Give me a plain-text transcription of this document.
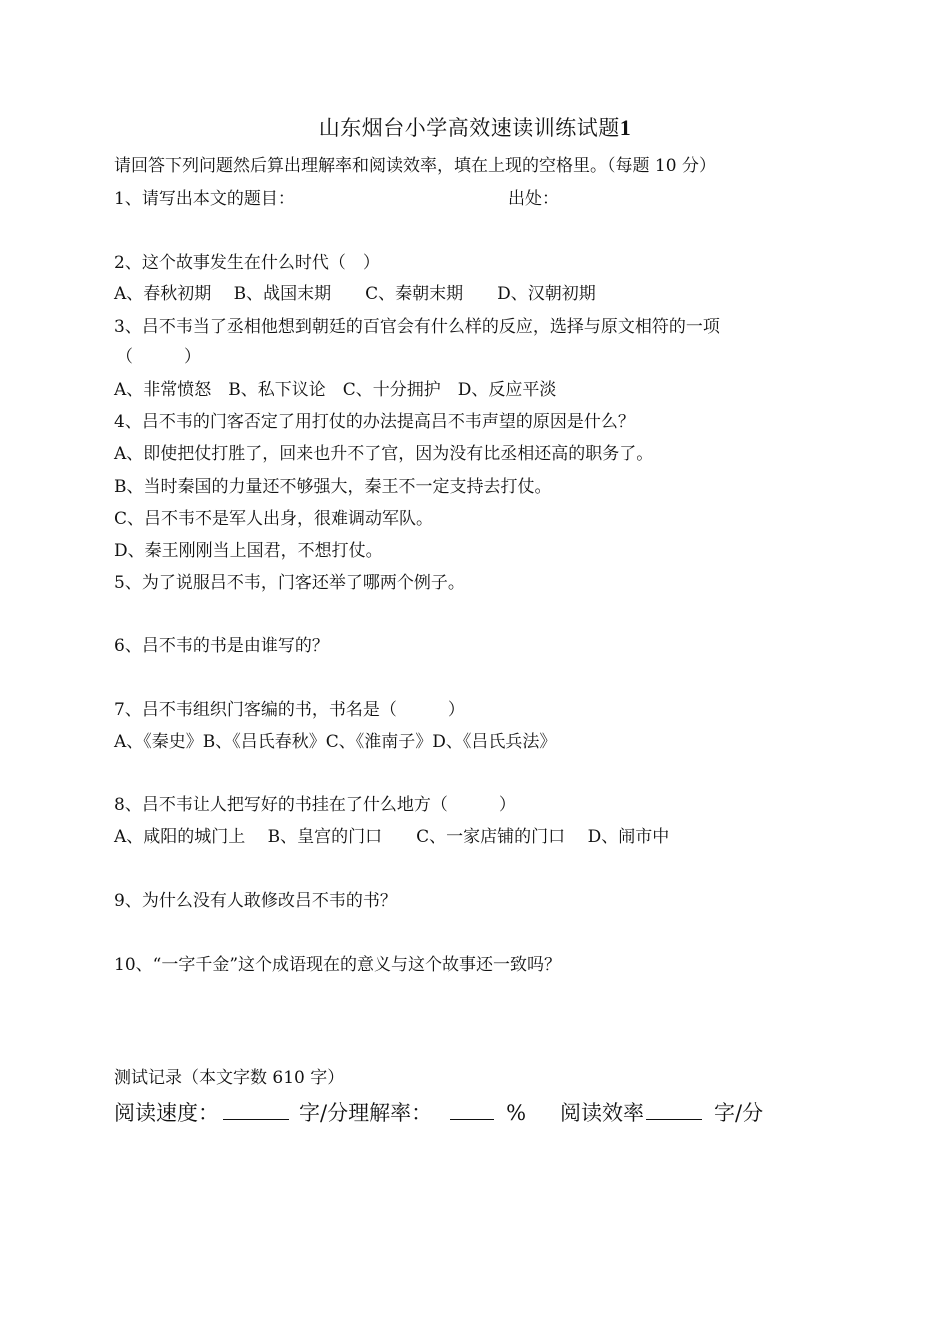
山东烟台小学高效速读训练试题1
请回答下列问题然后算出理解率和阅读效率，填在上现的空格里。（每题 10 分）
1、请写出本文的题目：	出处：
2、这个故事发生在什么时代（　）
A、春秋初期　 B、战国末期　　C、秦朝末期　　D、汉朝初期
3、吕不韦当了丞相他想到朝廷的百官会有什么样的反应，选择与原文相符的一项
（　　　）
A、非常愤怒　B、私下议论　C、十分拥护　D、反应平淡
4、吕不韦的门客否定了用打仗的办法提高吕不韦声望的原因是什么？
A、即使把仗打胜了，回来也升不了官，因为没有比丞相还高的职务了。
B、当时秦国的力量还不够强大，秦王不一定支持去打仗。
C、吕不韦不是军人出身，很难调动军队。
D、秦王刚刚当上国君，不想打仗。
5、为了说服吕不韦，门客还举了哪两个例子。
6、吕不韦的书是由谁写的？
7、吕不韦组织门客编的书，书名是（　　　）
A、《秦史》B、《吕氏春秋》C、《淮南子》D、《吕氏兵法》
8、吕不韦让人把写好的书挂在了什么地方（　　　）
A、咸阳的城门上　 B、皇宫的门口　　C、一家店铺的门口　 D、闹市中
9、为什么没有人敢修改吕不韦的书？
10、“一字千金”这个成语现在的意义与这个故事还一致吗？
测试记录（本文字数 610 字）
阅读速度：	字/分理解率：	% 阅读效率	字/分
